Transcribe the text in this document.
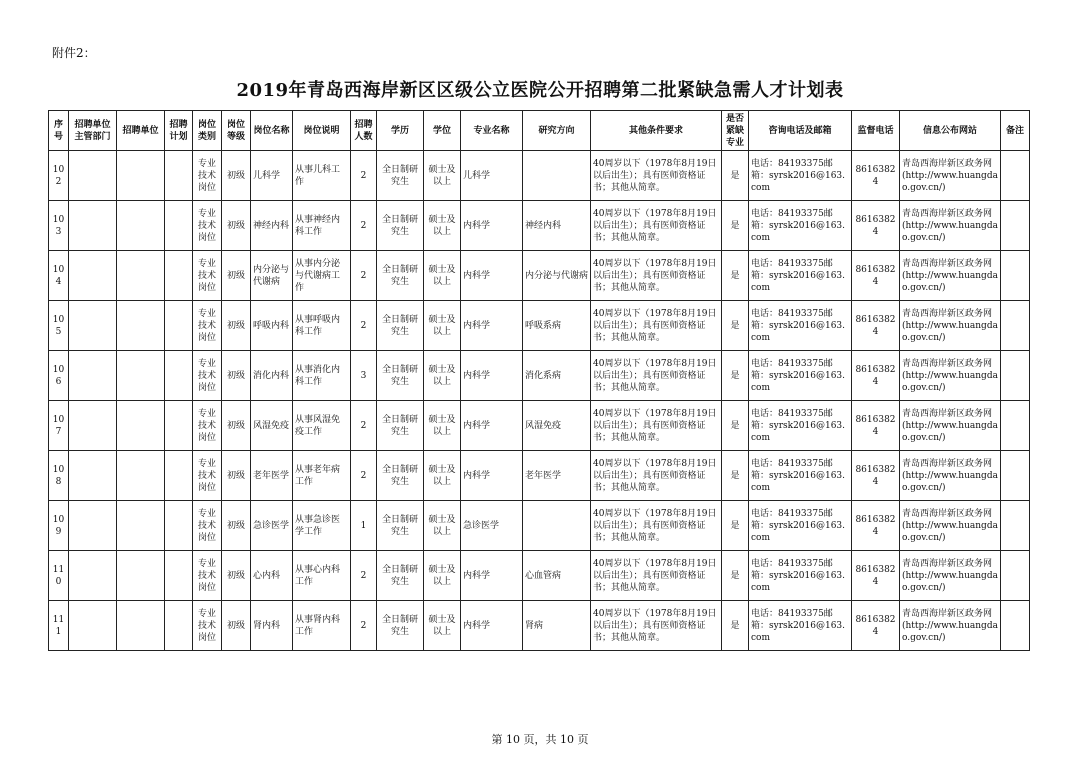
附件2：
2019年青岛西海岸新区区级公立医院公开招聘第二批紧缺急需人才计划表
序号	招聘单位主管部门	招聘单位	招聘计划	岗位类别	岗位等级	岗位名称	岗位说明	招聘人数	学历	学位	专业名称	研究方向	其他条件要求	是否紧缺专业	咨询电话及邮箱	监督电话	信息公布网站	备注
102				专业技术岗位	初级	儿科学	从事儿科工作	2	全日制研究生	硕士及以上	儿科学		40周岁以下（1978年8月19日以后出生）；具有医师资格证书；其他从简章。	是	电话：84193375邮箱：syrsk2016@163.com	86163824	青岛西海岸新区政务网(http://www.huangdao.gov.cn/)	
103				专业技术岗位	初级	神经内科	从事神经内科工作	2	全日制研究生	硕士及以上	内科学	神经内科	40周岁以下（1978年8月19日以后出生）；具有医师资格证书；其他从简章。	是	电话：84193375邮箱：syrsk2016@163.com	86163824	青岛西海岸新区政务网(http://www.huangdao.gov.cn/)	
104				专业技术岗位	初级	内分泌与代谢病	从事内分泌与代谢病工作	2	全日制研究生	硕士及以上	内科学	内分泌与代谢病	40周岁以下（1978年8月19日以后出生）；具有医师资格证书；其他从简章。	是	电话：84193375邮箱：syrsk2016@163.com	86163824	青岛西海岸新区政务网(http://www.huangdao.gov.cn/)	
105				专业技术岗位	初级	呼吸内科	从事呼吸内科工作	2	全日制研究生	硕士及以上	内科学	呼吸系病	40周岁以下（1978年8月19日以后出生）；具有医师资格证书；其他从简章。	是	电话：84193375邮箱：syrsk2016@163.com	86163824	青岛西海岸新区政务网(http://www.huangdao.gov.cn/)	
106				专业技术岗位	初级	消化内科	从事消化内科工作	3	全日制研究生	硕士及以上	内科学	消化系病	40周岁以下（1978年8月19日以后出生）；具有医师资格证书；其他从简章。	是	电话：84193375邮箱：syrsk2016@163.com	86163824	青岛西海岸新区政务网(http://www.huangdao.gov.cn/)	
107				专业技术岗位	初级	风湿免疫	从事风湿免疫工作	2	全日制研究生	硕士及以上	内科学	风湿免疫	40周岁以下（1978年8月19日以后出生）；具有医师资格证书；其他从简章。	是	电话：84193375邮箱：syrsk2016@163.com	86163824	青岛西海岸新区政务网(http://www.huangdao.gov.cn/)	
108				专业技术岗位	初级	老年医学	从事老年病工作	2	全日制研究生	硕士及以上	内科学	老年医学	40周岁以下（1978年8月19日以后出生）；具有医师资格证书；其他从简章。	是	电话：84193375邮箱：syrsk2016@163.com	86163824	青岛西海岸新区政务网(http://www.huangdao.gov.cn/)	
109				专业技术岗位	初级	急诊医学	从事急诊医学工作	1	全日制研究生	硕士及以上	急诊医学		40周岁以下（1978年8月19日以后出生）；具有医师资格证书；其他从简章。	是	电话：84193375邮箱：syrsk2016@163.com	86163824	青岛西海岸新区政务网(http://www.huangdao.gov.cn/)	
110				专业技术岗位	初级	心内科	从事心内科工作	2	全日制研究生	硕士及以上	内科学	心血管病	40周岁以下（1978年8月19日以后出生）；具有医师资格证书；其他从简章。	是	电话：84193375邮箱：syrsk2016@163.com	86163824	青岛西海岸新区政务网(http://www.huangdao.gov.cn/)	
111				专业技术岗位	初级	肾内科	从事肾内科工作	2	全日制研究生	硕士及以上	内科学	肾病	40周岁以下（1978年8月19日以后出生）；具有医师资格证书；其他从简章。	是	电话：84193375邮箱：syrsk2016@163.com	86163824	青岛西海岸新区政务网(http://www.huangdao.gov.cn/)	
第 10 页，共 10 页
